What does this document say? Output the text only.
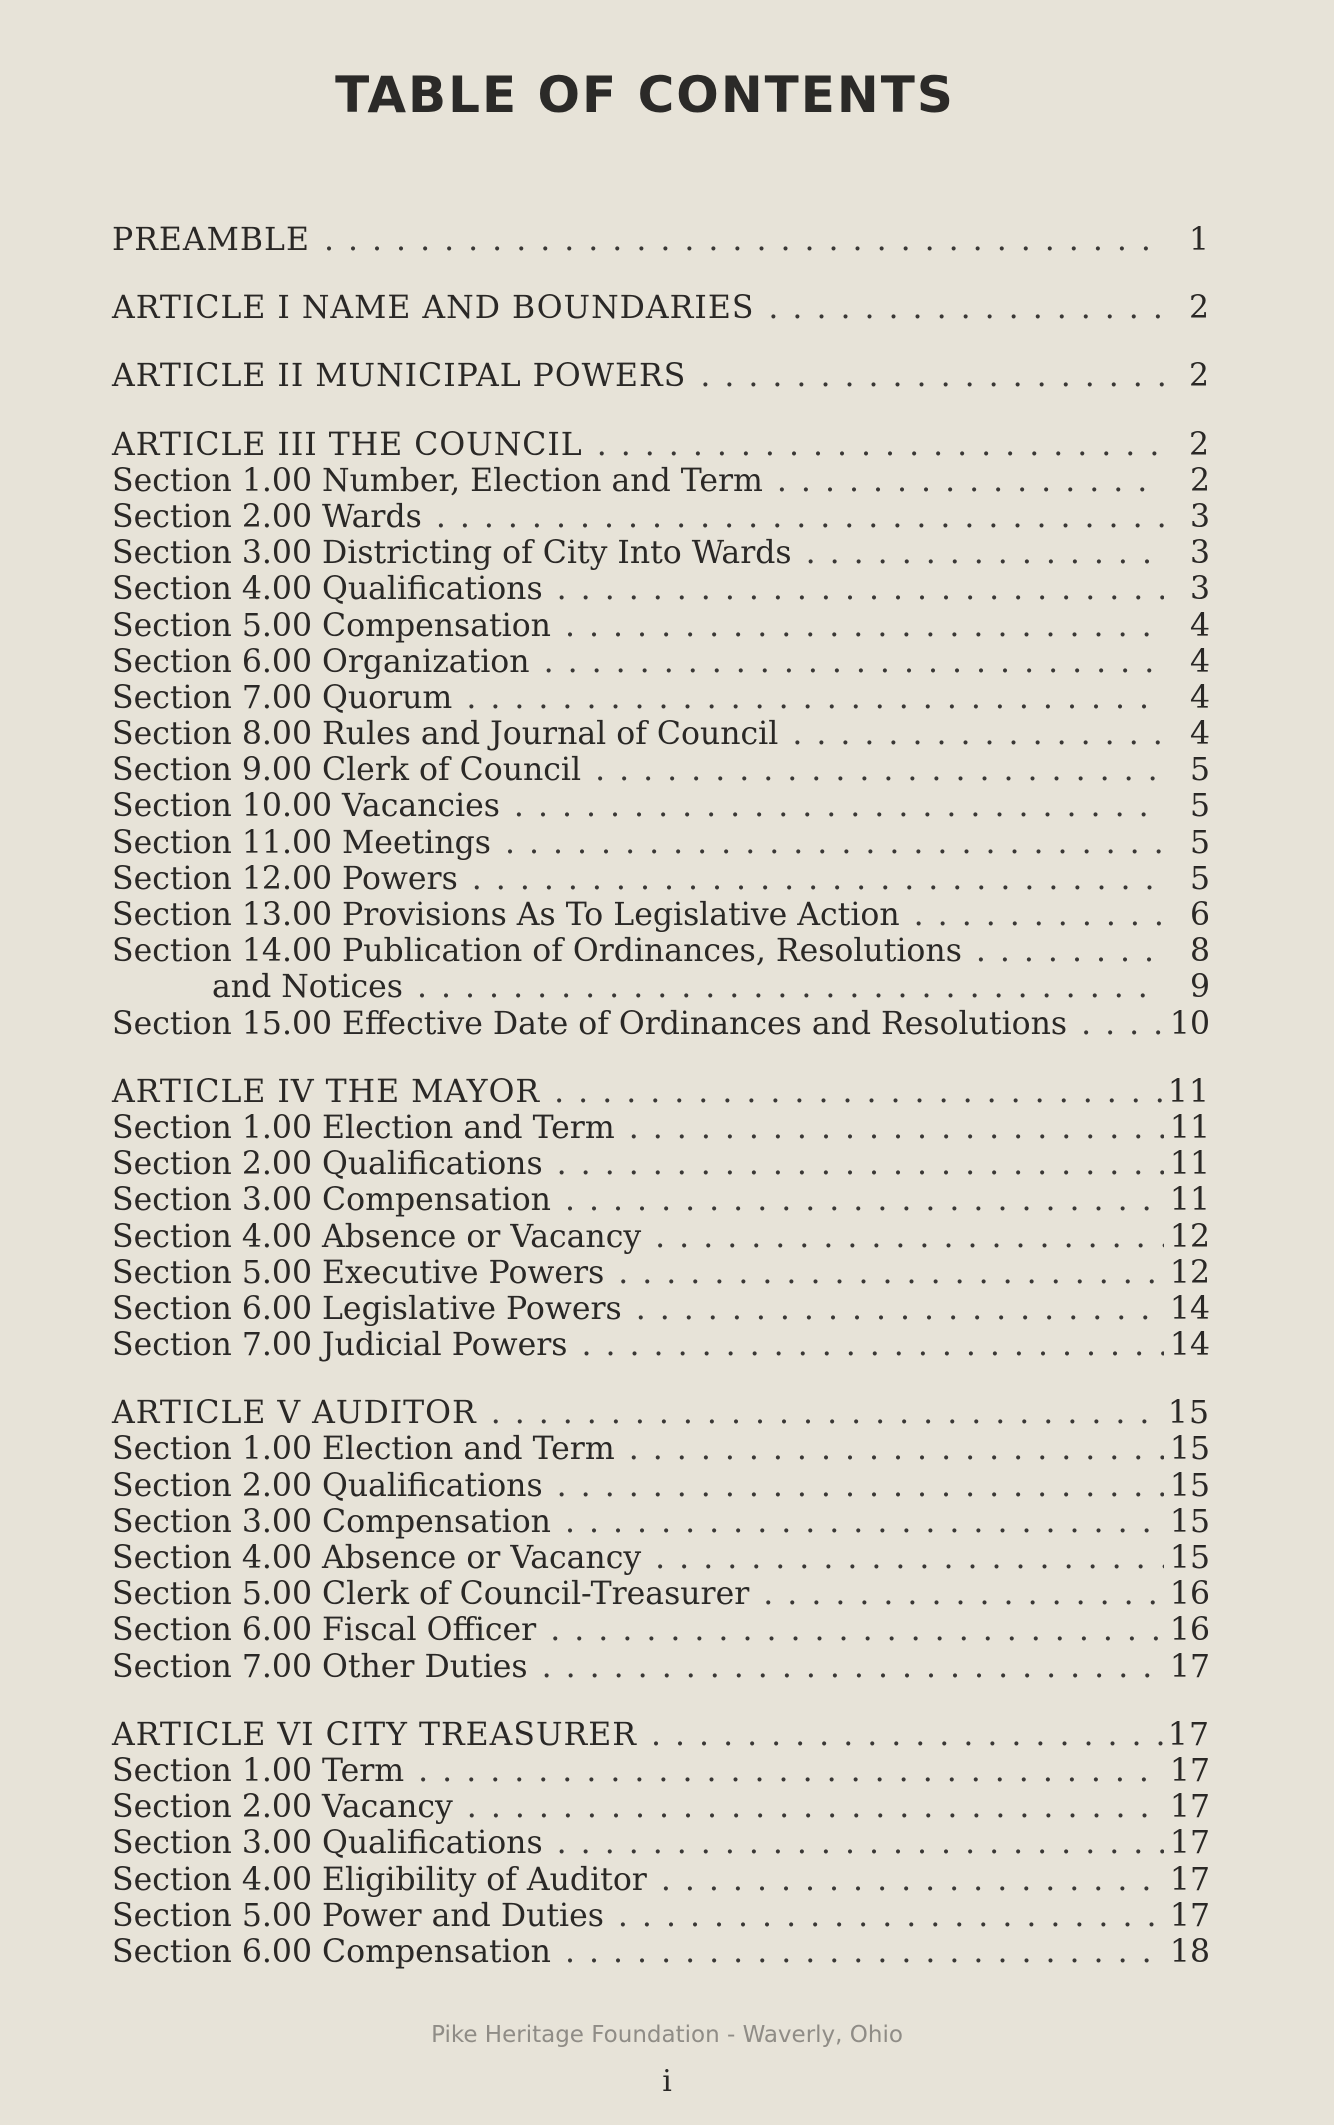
TABLE OF CONTENTS
PREAMBLE . . .	1
ARTICLE I NAME AND BOUNDARIES . . .	2
ARTICLE II MUNICIPAL POWERS . . .	2
ARTICLE III THE COUNCIL . . .	2
Section 1.00 Number, Election and Term . . .	2
Section 2.00 Wards . . .	3
Section 3.00 Districting of City Into Wards . . .	3
Section 4.00 Qualifications . . .	3
Section 5.00 Compensation . . .	4
Section 6.00 Organization . . .	4
Section 7.00 Quorum . . .	4
Section 8.00 Rules and Journal of Council . . .	4
Section 9.00 Clerk of Council . . .	5
Section 10.00 Vacancies . . .	5
Section 11.00 Meetings . . .	5
Section 12.00 Powers . . .	5
Section 13.00 Provisions As To Legislative Action . . .	6
Section 14.00 Publication of Ordinances, Resolutions . . .	8
and Notices . . .	9
Section 15.00 Effective Date of Ordinances and Resolutions . . .	10
ARTICLE IV THE MAYOR . . .	11
Section 1.00 Election and Term . . .	11
Section 2.00 Qualifications . . .	11
Section 3.00 Compensation . . .	11
Section 4.00 Absence or Vacancy . . .	12
Section 5.00 Executive Powers . . .	12
Section 6.00 Legislative Powers . . .	14
Section 7.00 Judicial Powers . . .	14
ARTICLE V AUDITOR . . .	15
Section 1.00 Election and Term . . .	15
Section 2.00 Qualifications . . .	15
Section 3.00 Compensation . . .	15
Section 4.00 Absence or Vacancy . . .	15
Section 5.00 Clerk of Council-Treasurer . . .	16
Section 6.00 Fiscal Officer . . .	16
Section 7.00 Other Duties . . .	17
ARTICLE VI CITY TREASURER . . .	17
Section 1.00 Term . . .	17
Section 2.00 Vacancy . . .	17
Section 3.00 Qualifications . . .	17
Section 4.00 Eligibility of Auditor . . .	17
Section 5.00 Power and Duties . . .	17
Section 6.00 Compensation . . .	18
Pike Heritage Foundation - Waverly, Ohio
i
